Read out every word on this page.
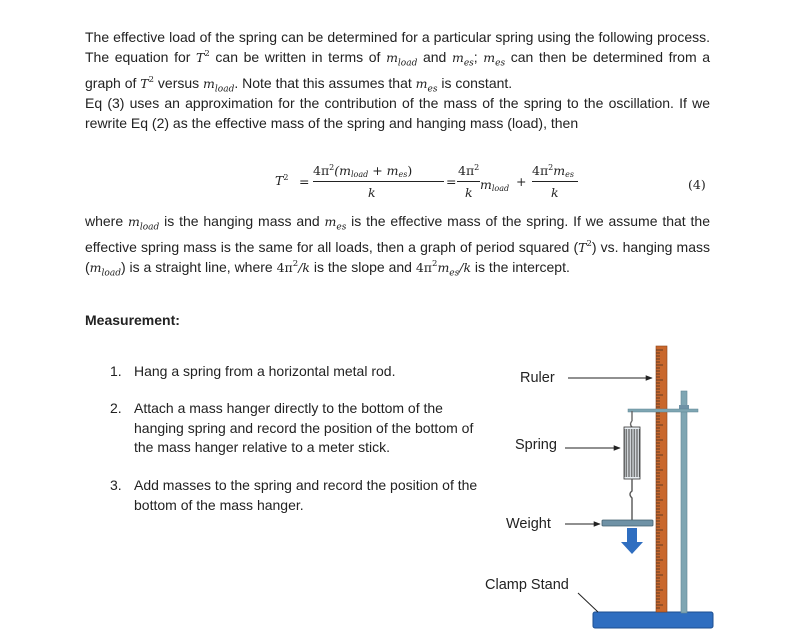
The effective load of the spring can be determined for a particular spring using the following process. The equation for $T^2$ can be written in terms of $m_{load}$ and $m_{es}$; $m_{es}$ can then be determined from a graph of $T^2$ versus $m_{load}$. Note that this assumes that $m_{es}$ is constant.

Eq (3) uses an approximation for the contribution of the mass of the spring to the oscillation. If we rewrite Eq (2) as the effective mass of the spring and hanging mass (load), then

$T^2$ =
$4\pi^2(m_{load} + m_{es})$
k
=
$4\pi^2$
k
$m_{load}$ +
$4\pi^2m_{es}$
k
(4)

where $m_{load}$ is the hanging mass and $m_{es}$ is the effective mass of the spring. If we assume that the effective spring mass is the same for all loads, then a graph of period squared $(T^2)$ vs. hanging mass $(m_{load})$ is a straight line, where $4\pi^2/k$ is the slope and $4\pi^2m_{es}/k$ is the intercept.

Measurement:

1. Hang a spring from a horizontal metal rod.

2. Attach a mass hanger directly to the bottom of the hanging spring and record the position of the bottom of the mass hanger relative to a meter stick.

3. Add masses to the spring and record the position of the bottom of the mass hanger.

Ruler
Spring
Weight
Clamp Stand
